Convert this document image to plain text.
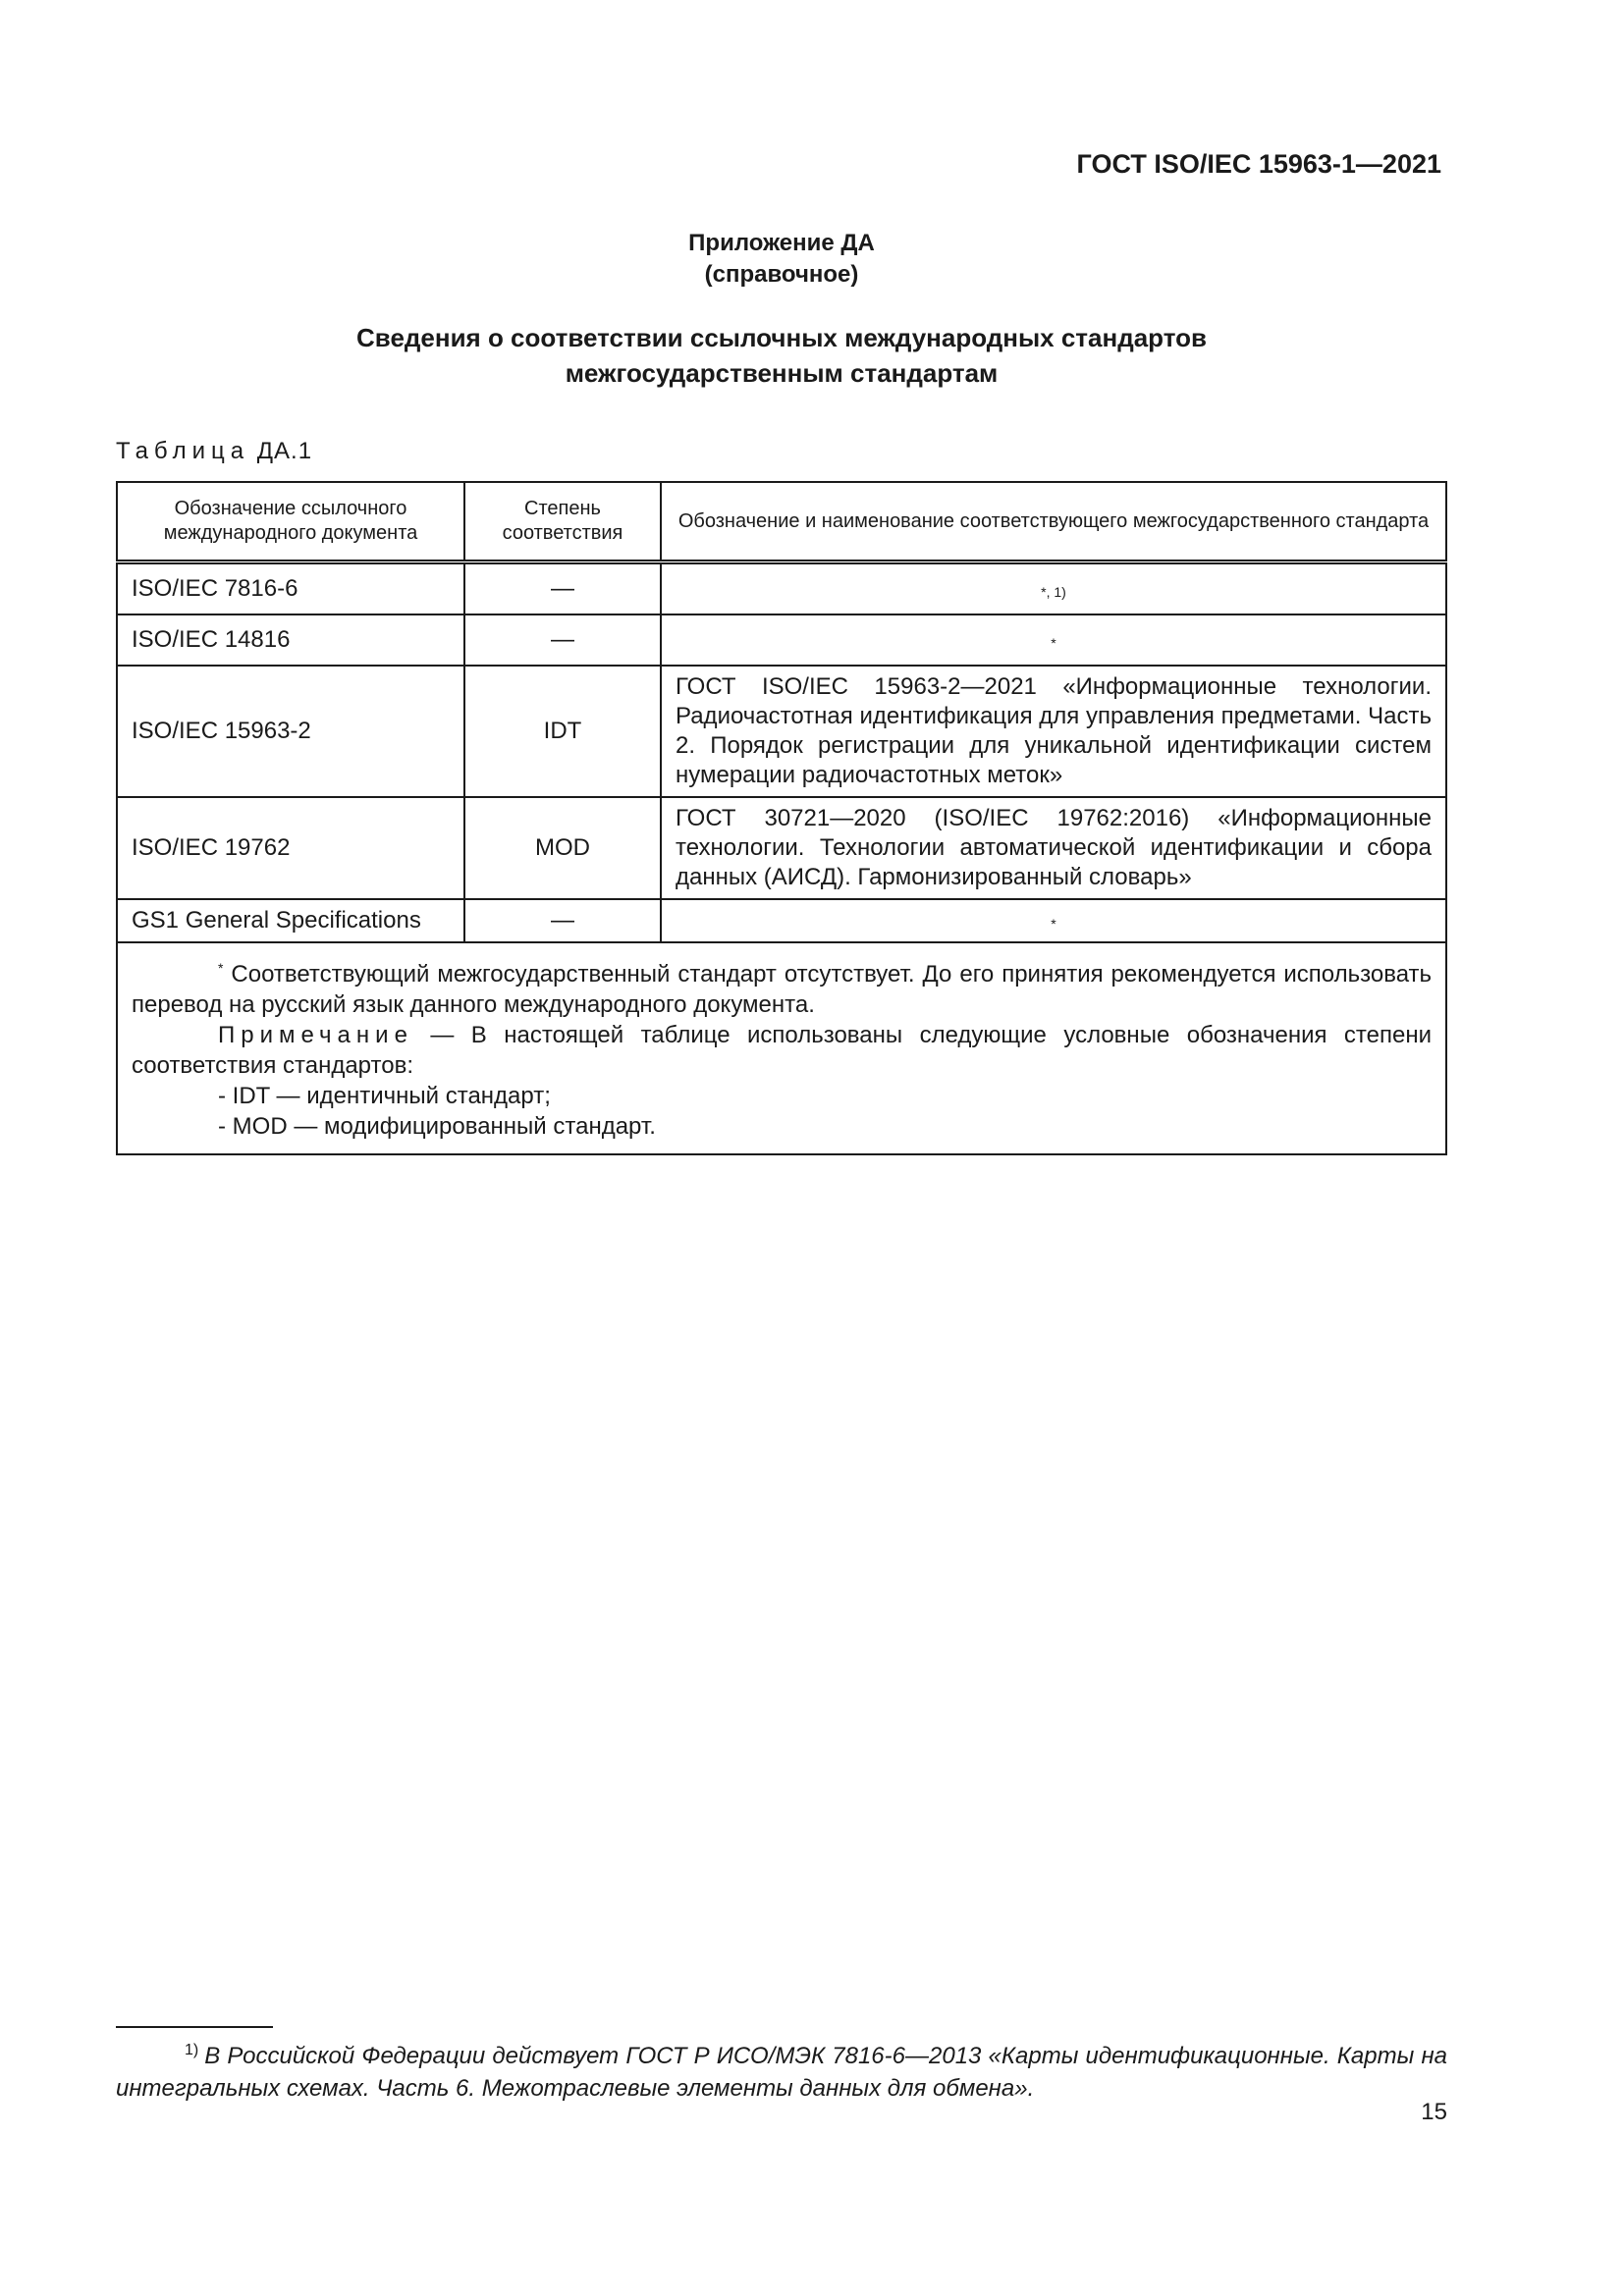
ГОСТ ISO/IEC 15963-1—2021
Приложение ДА
(справочное)
Сведения о соответствии ссылочных международных стандартов
межгосударственным стандартам
Таблица ДА.1
Обозначение ссылочного международного документа	Степень соответствия	Обозначение и наименование соответствующего межгосударственного стандарта
ISO/IEC 7816-6	—	*, 1)
ISO/IEC 14816	—	*
ISO/IEC 15963-2	IDT	ГОСТ ISO/IEC 15963-2—2021 «Информационные технологии. Радиочастотная идентификация для управления предметами. Часть 2. Порядок регистрации для уникальной идентификации систем нумерации радиочастотных меток»
ISO/IEC 19762	MOD	ГОСТ 30721—2020 (ISO/IEC 19762:2016) «Информационные технологии. Технологии автоматической идентификации и сбора данных (АИСД). Гармонизированный словарь»
GS1 General Specifications	—	*

* Соответствующий межгосударственный стандарт отсутствует. До его принятия рекомендуется использовать перевод на русский язык данного международного документа.
Примечание — В настоящей таблице использованы следующие условные обозначения степени соответствия стандартов:
- IDT — идентичный стандарт;
- MOD — модифицированный стандарт.		
$^{1)}$ В Российской Федерации действует ГОСТ Р ИСО/МЭК 7816-6—2013 «Карты идентификационные. Карты на интегральных схемах. Часть 6. Межотраслевые элементы данных для обмена».
15
